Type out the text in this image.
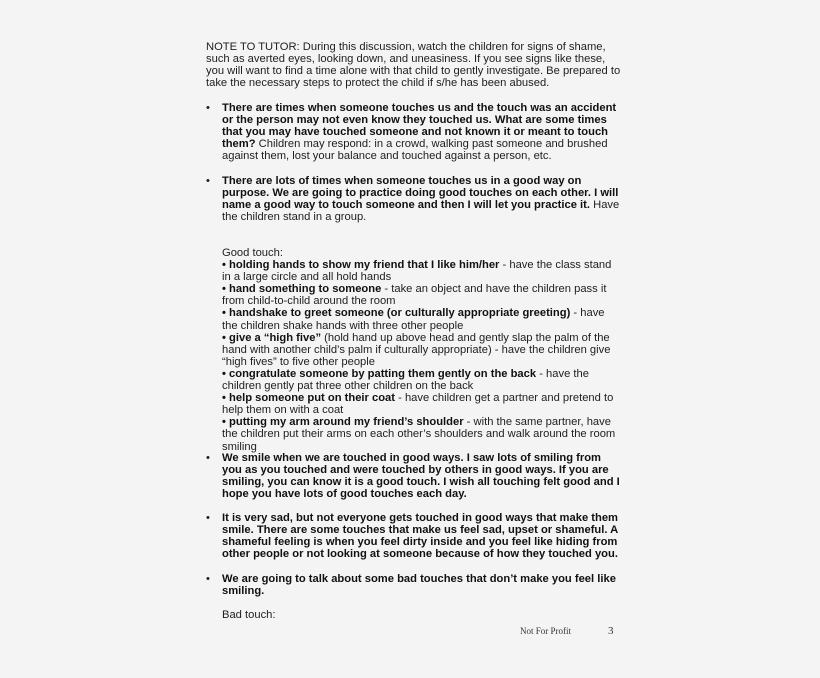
NOTE TO TUTOR: During this discussion, watch the children for signs of shame, such as averted eyes, looking down, and uneasiness. If you see signs like these, you will want to find a time alone with that child to gently investigate. Be prepared to take the necessary steps to protect the child if s/he has been abused.
•	There are times when someone touches us and the touch was an accident or the person may not even know they touched us. What are some times that you may have touched someone and not known it or meant to touch them? Children may respond: in a crowd, walking past someone and brushed against them, lost your balance and touched against a person, etc.
•	There are lots of times when someone touches us in a good way on purpose. We are going to practice doing good touches on each other. I will name a good way to touch someone and then I will let you practice it. Have the children stand in a group.
Good touch:
• holding hands to show my friend that I like him/her - have the class stand in a large circle and all hold hands
• hand something to someone - take an object and have the children pass it from child-to-child around the room
• handshake to greet someone (or culturally appropriate greeting) - have the children shake hands with three other people
• give a “high five” (hold hand up above head and gently slap the palm of the hand with another child’s palm if culturally appropriate) - have the children give “high fives” to five other people
• congratulate someone by patting them gently on the back - have the children gently pat three other children on the back
• help someone put on their coat - have children get a partner and pretend to help them on with a coat
• putting my arm around my friend’s shoulder - with the same partner, have the children put their arms on each other’s shoulders and walk around the room smiling
•	We smile when we are touched in good ways. I saw lots of smiling from you as you touched and were touched by others in good ways. If you are smiling, you can know it is a good touch. I wish all touching felt good and I hope you have lots of good touches each day.
•	It is very sad, but not everyone gets touched in good ways that make them smile. There are some touches that make us feel sad, upset or shameful. A shameful feeling is when you feel dirty inside and you feel like hiding from other people or not looking at someone because of how they touched you.
•	We are going to talk about some bad touches that don’t make you feel like smiling.
Bad touch:
Not For Profit	3
